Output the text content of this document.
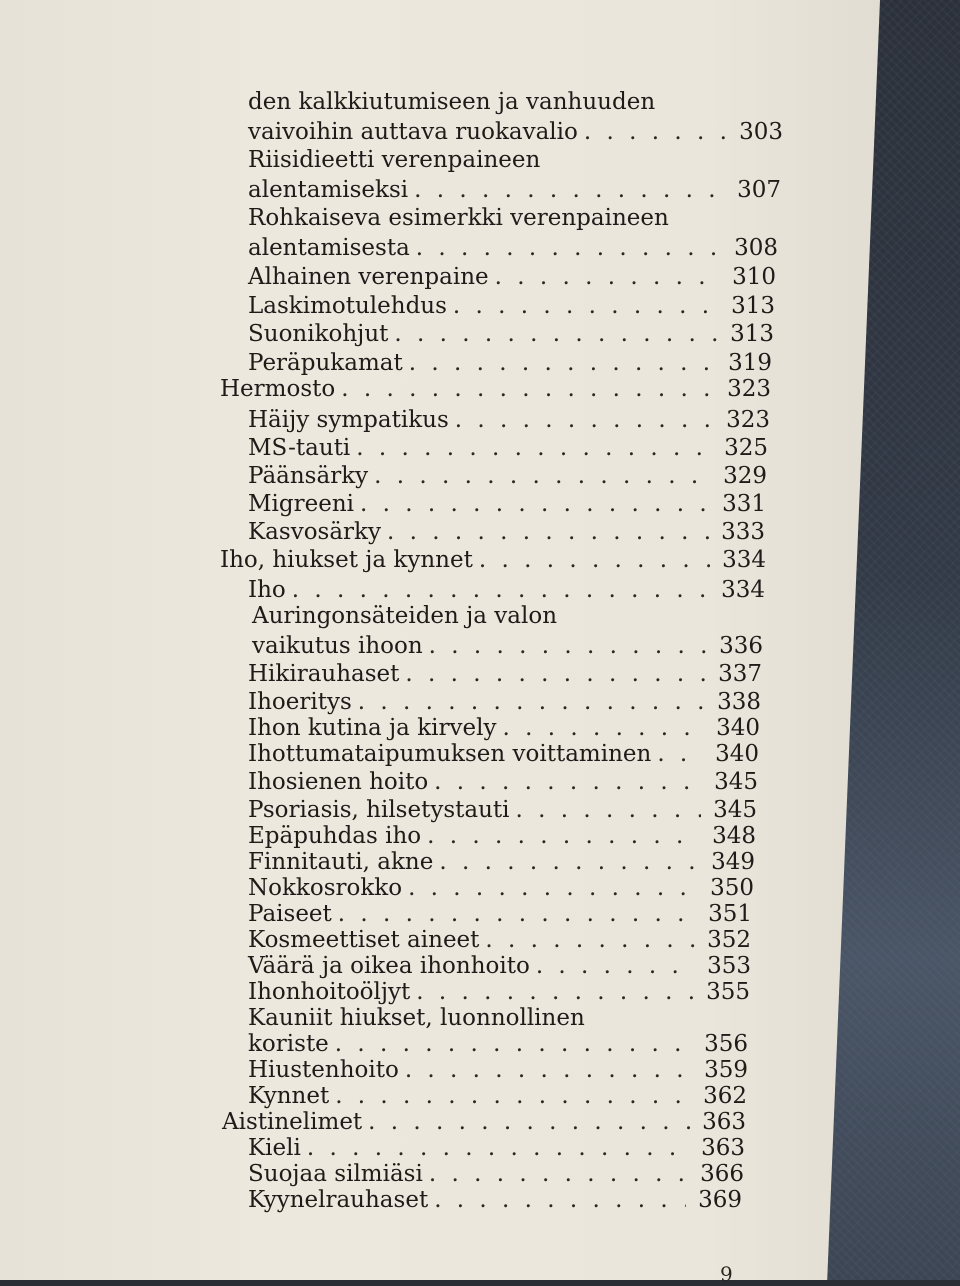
den kalkkiutumiseen ja vanhuuden
vaivoihin auttava ruokavalio . . .	303
Riisidieetti verenpaineen
alentamiseksi . . .	307
Rohkaiseva esimerkki verenpaineen
alentamisesta . . .	308
Alhainen verenpaine . . .	310
Laskimotulehdus . . .	313
Suonikohjut . . .	313
Peräpukamat . . .	319
Hermosto . . .	323
Häijy sympatikus . . .	323
MS-tauti . . .	325
Päänsärky . . .	329
Migreeni . . .	331
Kasvosärky . . .	333
Iho, hiukset ja kynnet . . .	334
Iho . . .	334
Auringonsäteiden ja valon
vaikutus ihoon . . .	336
Hikirauhaset . . .	337
Ihoeritys . . .	338
Ihon kutina ja kirvely . . .	340
Ihottumataipumuksen voittaminen . . .	340
Ihosienen hoito . . .	345
Psoriasis, hilsetystauti . . .	345
Epäpuhdas iho . . .	348
Finnitauti, akne . . .	349
Nokkosrokko . . .	350
Paiseet . . .	351
Kosmeettiset aineet . . .	352
Väärä ja oikea ihonhoito . . .	353
Ihonhoitoöljyt . . .	355
Kauniit hiukset, luonnollinen
koriste . . .	356
Hiustenhoito . . .	359
Kynnet . . .	362
Aistinelimet . . .	363
Kieli . . .	363
Suojaa silmiäsi . . .	366
Kyynelrauhaset . . .	369
9
